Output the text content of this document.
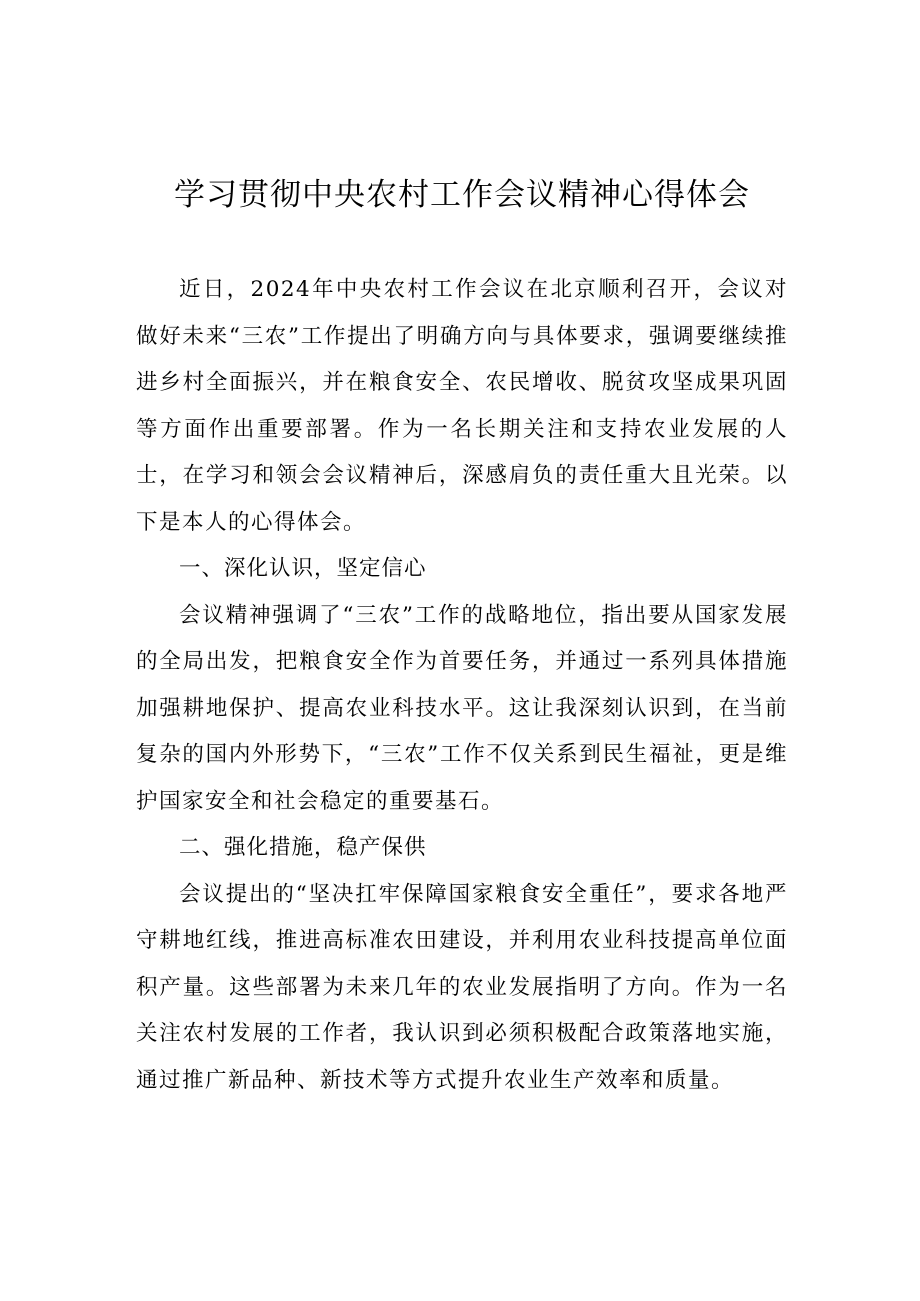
学习贯彻中央农村工作会议精神心得体会

近日，2024年中央农村工作会议在北京顺利召开，会议对做好未来“三农”工作提出了明确方向与具体要求，强调要继续推进乡村全面振兴，并在粮食安全、农民增收、脱贫攻坚成果巩固等方面作出重要部署。作为一名长期关注和支持农业发展的人士，在学习和领会会议精神后，深感肩负的责任重大且光荣。以下是本人的心得体会。

一、深化认识，坚定信心

会议精神强调了“三农”工作的战略地位，指出要从国家发展的全局出发，把粮食安全作为首要任务，并通过一系列具体措施加强耕地保护、提高农业科技水平。这让我深刻认识到，在当前复杂的国内外形势下，“三农”工作不仅关系到民生福祉，更是维护国家安全和社会稳定的重要基石。

二、强化措施，稳产保供

会议提出的“坚决扛牢保障国家粮食安全重任”，要求各地严守耕地红线，推进高标准农田建设，并利用农业科技提高单位面积产量。这些部署为未来几年的农业发展指明了方向。作为一名关注农村发展的工作者，我认识到必须积极配合政策落地实施，通过推广新品种、新技术等方式提升农业生产效率和质量。
